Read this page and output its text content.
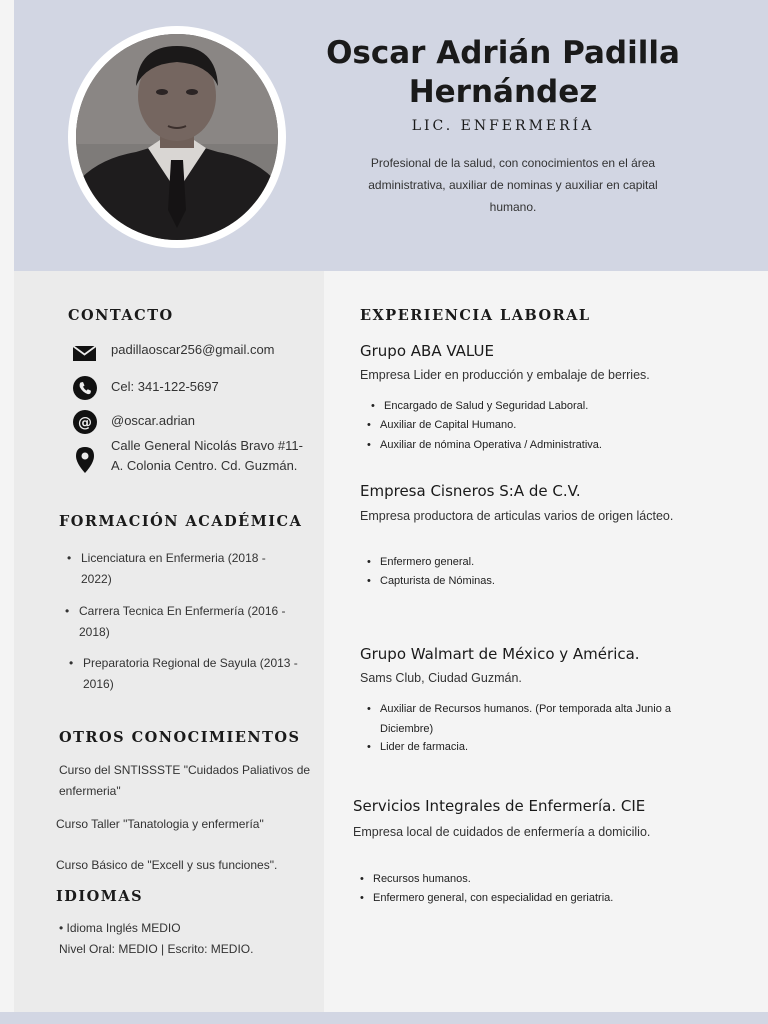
Oscar Adrián Padilla Hernández
LIC. ENFERMERÍA
Profesional de la salud, con conocimientos en el área administrativa, auxiliar de nominas y auxiliar en capital humano.
CONTACTO
padillaoscar256@gmail.com
Cel: 341-122-5697
@ @oscar.adrian
Calle General Nicolás Bravo #11-A. Colonia Centro. Cd. Guzmán.
FORMACIÓN ACADÉMICA
• Licenciatura en Enfermeria (2018 - 2022)
• Carrera Tecnica En Enfermería (2016 - 2018)
• Preparatoria Regional de Sayula (2013 - 2016)
OTROS CONOCIMIENTOS
Curso del SNTISSSTE "Cuidados Paliativos de enfermeria"
Curso Taller "Tanatologia y enfermería"
Curso Básico de "Excell y sus funciones".
IDIOMAS
• Idioma Inglés MEDIO
Nivel Oral: MEDIO | Escrito: MEDIO.
EXPERIENCIA LABORAL
Grupo ABA VALUE
Empresa Lider en producción y embalaje de berries.
• Encargado de Salud y Seguridad Laboral.
• Auxiliar de Capital Humano.
• Auxiliar de nómina Operativa / Administrativa.
Empresa Cisneros S:A de C.V.
Empresa productora de articulas varios de origen lácteo.
• Enfermero general.
• Capturista de Nóminas.
Grupo Walmart de México y América.
Sams Club, Ciudad Guzmán.
• Auxiliar de Recursos humanos. (Por temporada alta Junio a Diciembre)
• Lider de farmacia.
Servicios Integrales de Enfermería. CIE
Empresa local de cuidados de enfermería a domicilio.
• Recursos humanos.
• Enfermero general, con especialidad en geriatria.
